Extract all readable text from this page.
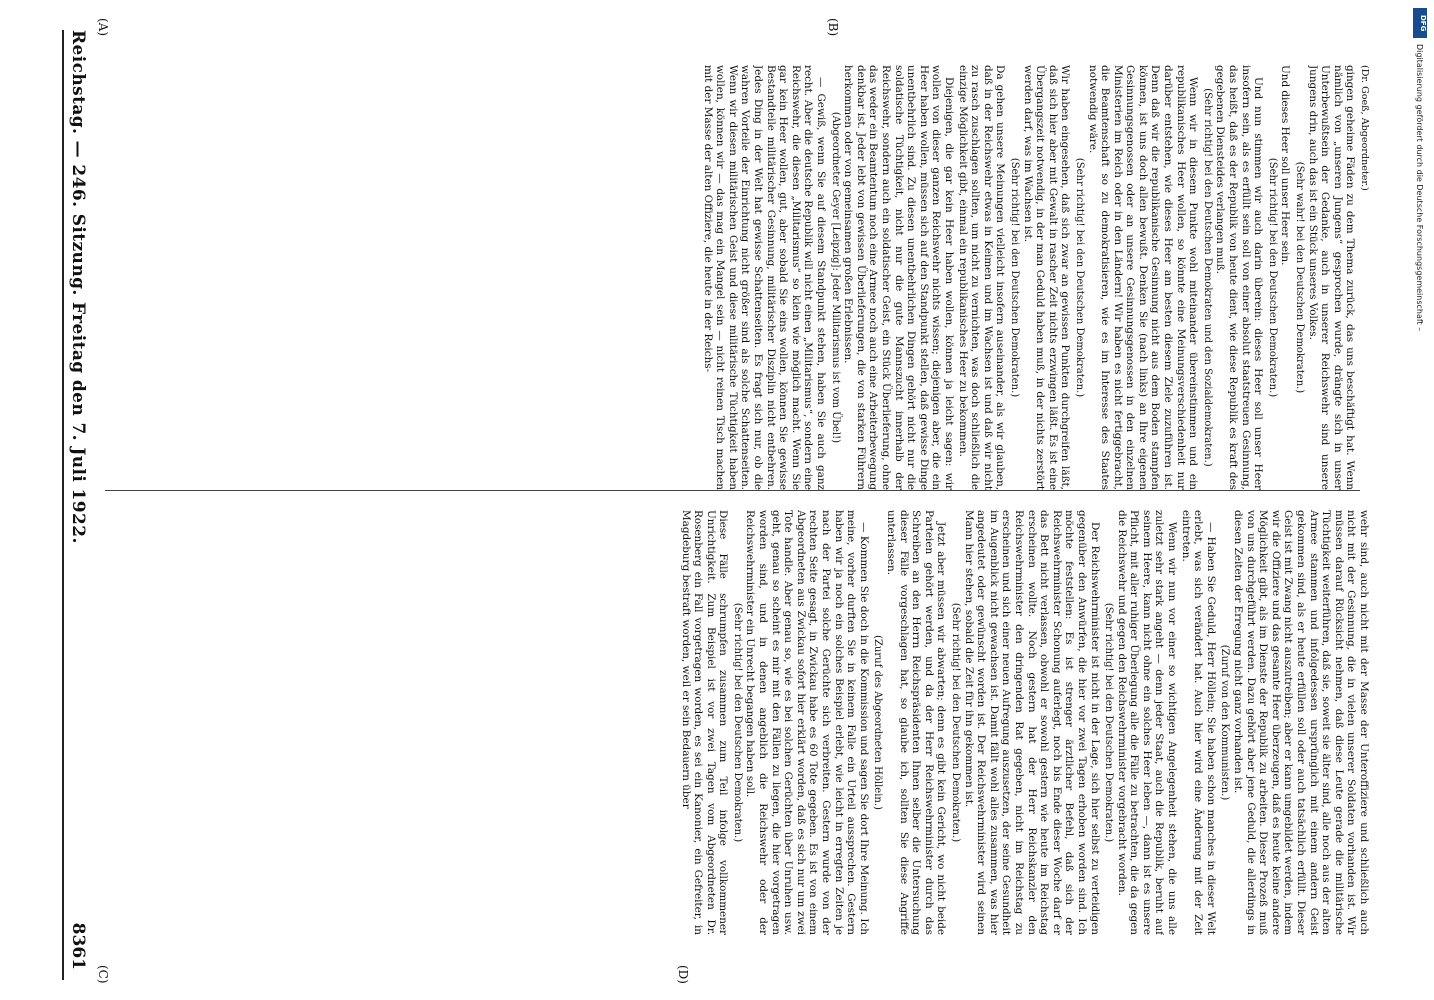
Reichstag. — 246. Sitzung. Freitag den 7. Juli 1922.
8361
(A)	(B)
(C)	(D)

(Dr. Goeß, Abgeordneter.)

gingen geheime Fäden zu dem Thema zurück, das uns beschäftigt hat. Wenn nämlich von „unseren Jungens“ gesprochen wurde, drängte sich in unser Unterbewußtsein der Gedanke, auch in unserer Reichswehr sind unsere Jungens drin, auch das ist ein Stück unseres Volkes.

(Sehr wahr! bei den Deutschen Demokraten.)

Und dieses Heer soll unser Heer sein.

(Sehr richtig! bei den Deutschen Demokraten.)

Und nun stimmen wir auch darin überein: dieses Heer soll unser Heer insofern sein, als es erfüllt sein soll von einer absolut staatstreuen Gesinnung, das heißt, daß es der Republik von heute dient, wie diese Republik es kraft des gegebenen Diensteides verlangen muß.

(Sehr richtig! bei den Deutschen Demokraten und den Sozialdemokraten.)

Wenn wir in diesem Punkte wohl miteinander übereinstimmen und ein republikanisches Heer wollen, so könnte eine Meinungsverschiedenheit nur darüber entstehen, wie dieses Heer am besten diesem Ziele zuzuführen ist. Denn daß wir die republikanische Gesinnung nicht aus dem Boden stampfen können, ist uns doch allen bewußt. Denken Sie (nach links) an Ihre eigenen Gesinnungsgenossen oder an unsere Gesinnungsgenossen in den einzelnen Ministerien im Reich oder in den Ländern! Wir haben es nicht fertiggebracht, die Beamtenschaft so zu demokratisieren, wie es im Interesse des Staates notwendig wäre.

(Sehr richtig! bei den Deutschen Demokraten.)

Wir haben eingesehen, daß sich zwar an gewissen Punkten durchgreifen läßt, daß sich hier aber mit Gewalt in rascher Zeit nichts erzwingen läßt. Es ist eine Übergangszeit notwendig, in der man Geduld haben muß, in der nichts zerstört werden darf, was im Wachsen ist.

(Sehr richtig! bei den Deutschen Demokraten.)

Da gehen unsere Meinungen vielleicht insofern auseinander, als wir glauben, daß in der Reichswehr etwas in Keimen und im Wachsen ist und daß wir nicht zu rasch zuschlagen sollten, um nicht zu vernichten, was doch schließlich die einzige Möglichkeit gibt, einmal ein republikanisches Heer zu bekommen.

Diejenigen, die gar kein Heer haben wollen, können ja leicht sagen: wir wollen von dieser ganzen Reichswehr nichts wissen; diejenigen aber, die ein Heer haben wollen, müssen sich auf den Standpunkt stellen, daß gewisse Dinge unentbehrlich sind. Zu diesen unentbehrlichen Dingen gehört nicht nur die soldatische Tüchtigkeit, nicht nur die gute Mannszucht innerhalb der Reichswehr, sondern auch ein soldatischer Geist, ein Stück Überlieferung, ohne das weder ein Beamtentum noch eine Armee noch auch eine Arbeiterbewegung denkbar ist. Jeder lebt von gewissen Überlieferungen, die von starken Führern herkommen oder von gemeinsamen großen Erlebnissen.

(Abgeordneter Geyer [Leipzig]: Jeder Militarismus ist vom Übel!)

— Gewiß, wenn Sie auf diesem Standpunkt stehen, haben Sie auch ganz recht. Aber die deutsche Republik will nicht einen „Militarismus“, sondern eine Reichswehr, die diesen „Militarismus“ so klein wie möglich macht. Wenn Sie gar kein Heer wollen, gut, aber sobald Sie eins wollen, können Sie gewisse Bestandteile militärischer Gesinnung, militärischer Disziplin nicht entbehren. Jedes Ding in der Welt hat gewisse Schattenseiten. Es fragt sich nur, ob die wahren Vorteile der Einrichtung nicht größer sind als solche Schattenseiten. Wenn wir diesen militärischen Geist und diese militärische Tüchtigkeit haben wollen, können wir — das mag ein Mangel sein — nicht reinen Tisch machen mit der Masse der alten Offiziere, die heute in der Reichs-

wehr sind, auch nicht mit der Masse der Unteroffiziere und schließlich auch nicht mit der Gesinnung, die in vielen unserer Soldaten vorhanden ist. Wir müssen darauf Rücksicht nehmen, daß diese Leute gerade die militärische Tüchtigkeit weiterführen, daß sie, soweit sie älter sind, alle noch aus der alten Armee stammen und infolgedessen ursprünglich mit einem andern Geist gekommen sind, als er heute erfüllen soll oder auch tatsächlich erfüllt. Dieser Geist ist mit Zwang nicht auszutreiben; aber er kann umgebildet werden, indem wir die Offiziere und das gesamte Heer überzeugen, daß es heute keine andere Möglichkeit gibt, als im Dienste der Republik zu arbeiten. Dieser Prozeß muß von uns durchgeführt werden. Dazu gehört aber jene Geduld, die allerdings in diesen Zeiten der Erregung nicht ganz vorhanden ist.

(Zuruf von den Kommunisten.)

— Haben Sie Geduld, Herr Höllein; Sie haben schon manches in dieser Welt erlebt, was sich verändert hat. Auch hier wird eine Änderung mit der Zeit eintreten.

Wenn wir nun vor einer so wichtigen Angelegenheit stehen, die uns alle zuletzt sehr stark angeht — denn jeder Staat, auch die Republik, beruht auf seinem Heere, kann nicht ohne ein solches Heer leben —, dann ist es unsere Pflicht, mit aller ruhiger Überlegung alle die Fälle zu betrachten, die da gegen die Reichswehr und gegen den Reichswehrminister vorgebracht worden.

(Sehr richtig! bei den Deutschen Demokraten.)

Der Reichswehrminister ist nicht in der Lage, sich hier selbst zu verteidigen gegenüber den Anwürfen, die hier vor zwei Tagen erhoben worden sind. Ich möchte feststellen: Es ist strenger ärztlicher Befehl, daß sich der Reichswehrminister Schonung auferlegt, noch bis Ende dieser Woche darf er das Bett nicht verlassen, obwohl er sowohl gestern wie heute im Reichstag erscheinen wollte. Noch gestern hat der Herr Reichskanzler den Reichswehrminister den dringenden Rat gegeben, nicht im Reichstag zu erscheinen und sich einer neuen Aufregung auszusetzen, der seine Gesundheit im Augenblick nicht gewachsen ist. Damit fällt wohl alles zusammen, was hier angedeutet oder gewünscht worden ist. Der Reichswehrminister wird seinen Mann hier stehen, sobald die Zeit für ihn gekommen ist.

(Sehr richtig! bei den Deutschen Demokraten.)

Jetzt aber müssen wir abwarten; denn es gibt kein Gericht, wo nicht beide Parteien gehört werden, und da der Herr Reichswehrminister durch das Schreiben an den Herrn Reichspräsidenten Ihnen selber die Untersuchung dieser Fälle vorgeschlagen hat, so glaube ich, sollten Sie diese Angriffe unterlassen.

(Zuruf des Abgeordneten Höllein.)

— Kommen Sie doch in die Kommission und sagen Sie dort Ihre Meinung. Ich meine, vorher durften Sie in keinem Falle ein Urteil aussprechen. Gestern haben wir ja noch ein solches Beispiel erlebt, wie leicht in erregten Zeiten je nach der Partei solche Gerüchte sich verbreiten. Gestern wurde von der rechten Seite gesagt, in Zwickau habe es 60 Tote gegeben. Es ist von einem Abgeordneten aus Zwickau sofort hier erklärt worden, daß es sich nur um zwei Tote handle. Aber genau so, wie es bei solchen Gerüchten über Unruhen usw. geht, genau so scheint es mir mit den Fällen zu liegen, die hier vorgetragen worden sind, und in denen angeblich die Reichswehr oder der Reichswehrminister ein Unrecht begangen haben soll.

(Sehr richtig! bei den Deutschen Demokraten.)

Diese Fälle schrumpfen zusammen zum Teil infolge vollkommener Unrichtigkeit. Zum Beispiel ist vor zwei Tagen vom Abgeordneten Dr. Rosenberg ein Fall vorgetragen worden, es sei ein Kanonier, ein Gefreiter, in Magdeburg bestraft worden, weil er sein Bedauern über

DFG
Digitalisierung gefördert durch die Deutsche Forschungsgemeinschaft –
